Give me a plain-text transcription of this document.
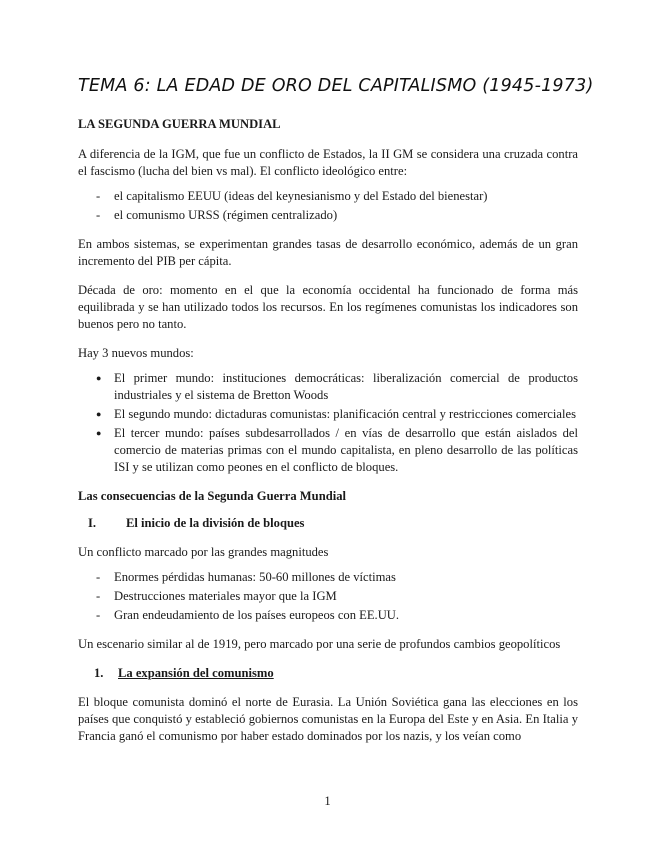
TEMA 6: LA EDAD DE ORO DEL CAPITALISMO (1945-1973)
LA SEGUNDA GUERRA MUNDIAL

A diferencia de la IGM, que fue un conflicto de Estados, la II GM se considera una cruzada contra el fascismo (lucha del bien vs mal). El conflicto ideológico entre:

- el capitalismo EEUU (ideas del keynesianismo y del Estado del bienestar)
- el comunismo URSS (régimen centralizado)

En ambos sistemas, se experimentan grandes tasas de desarrollo económico, además de un gran incremento del PIB per cápita.

Década de oro: momento en el que la economía occidental ha funcionado de forma más equilibrada y se han utilizado todos los recursos. En los regímenes comunistas los indicadores son buenos pero no tanto.

Hay 3 nuevos mundos:

● El primer mundo: instituciones democráticas: liberalización comercial de productos industriales y el sistema de Bretton Woods
● El segundo mundo: dictaduras comunistas: planificación central y restricciones comerciales
● El tercer mundo: países subdesarrollados / en vías de desarrollo que están aislados del comercio de materias primas con el mundo capitalista, en pleno desarrollo de las políticas ISI y se utilizan como peones en el conflicto de bloques.
Las consecuencias de la Segunda Guerra Mundial
I. El inicio de la división de bloques

Un conflicto marcado por las grandes magnitudes

- Enormes pérdidas humanas: 50-60 millones de víctimas
- Destrucciones materiales mayor que la IGM
- Gran endeudamiento de los países europeos con EE.UU.

Un escenario similar al de 1919, pero marcado por una serie de profundos cambios geopolíticos

1. La expansión del comunismo

El bloque comunista dominó el norte de Eurasia. La Unión Soviética gana las elecciones en los países que conquistó y estableció gobiernos comunistas en la Europa del Este y en Asia. En Italia y Francia ganó el comunismo por haber estado dominados por los nazis, y los veían como

1
